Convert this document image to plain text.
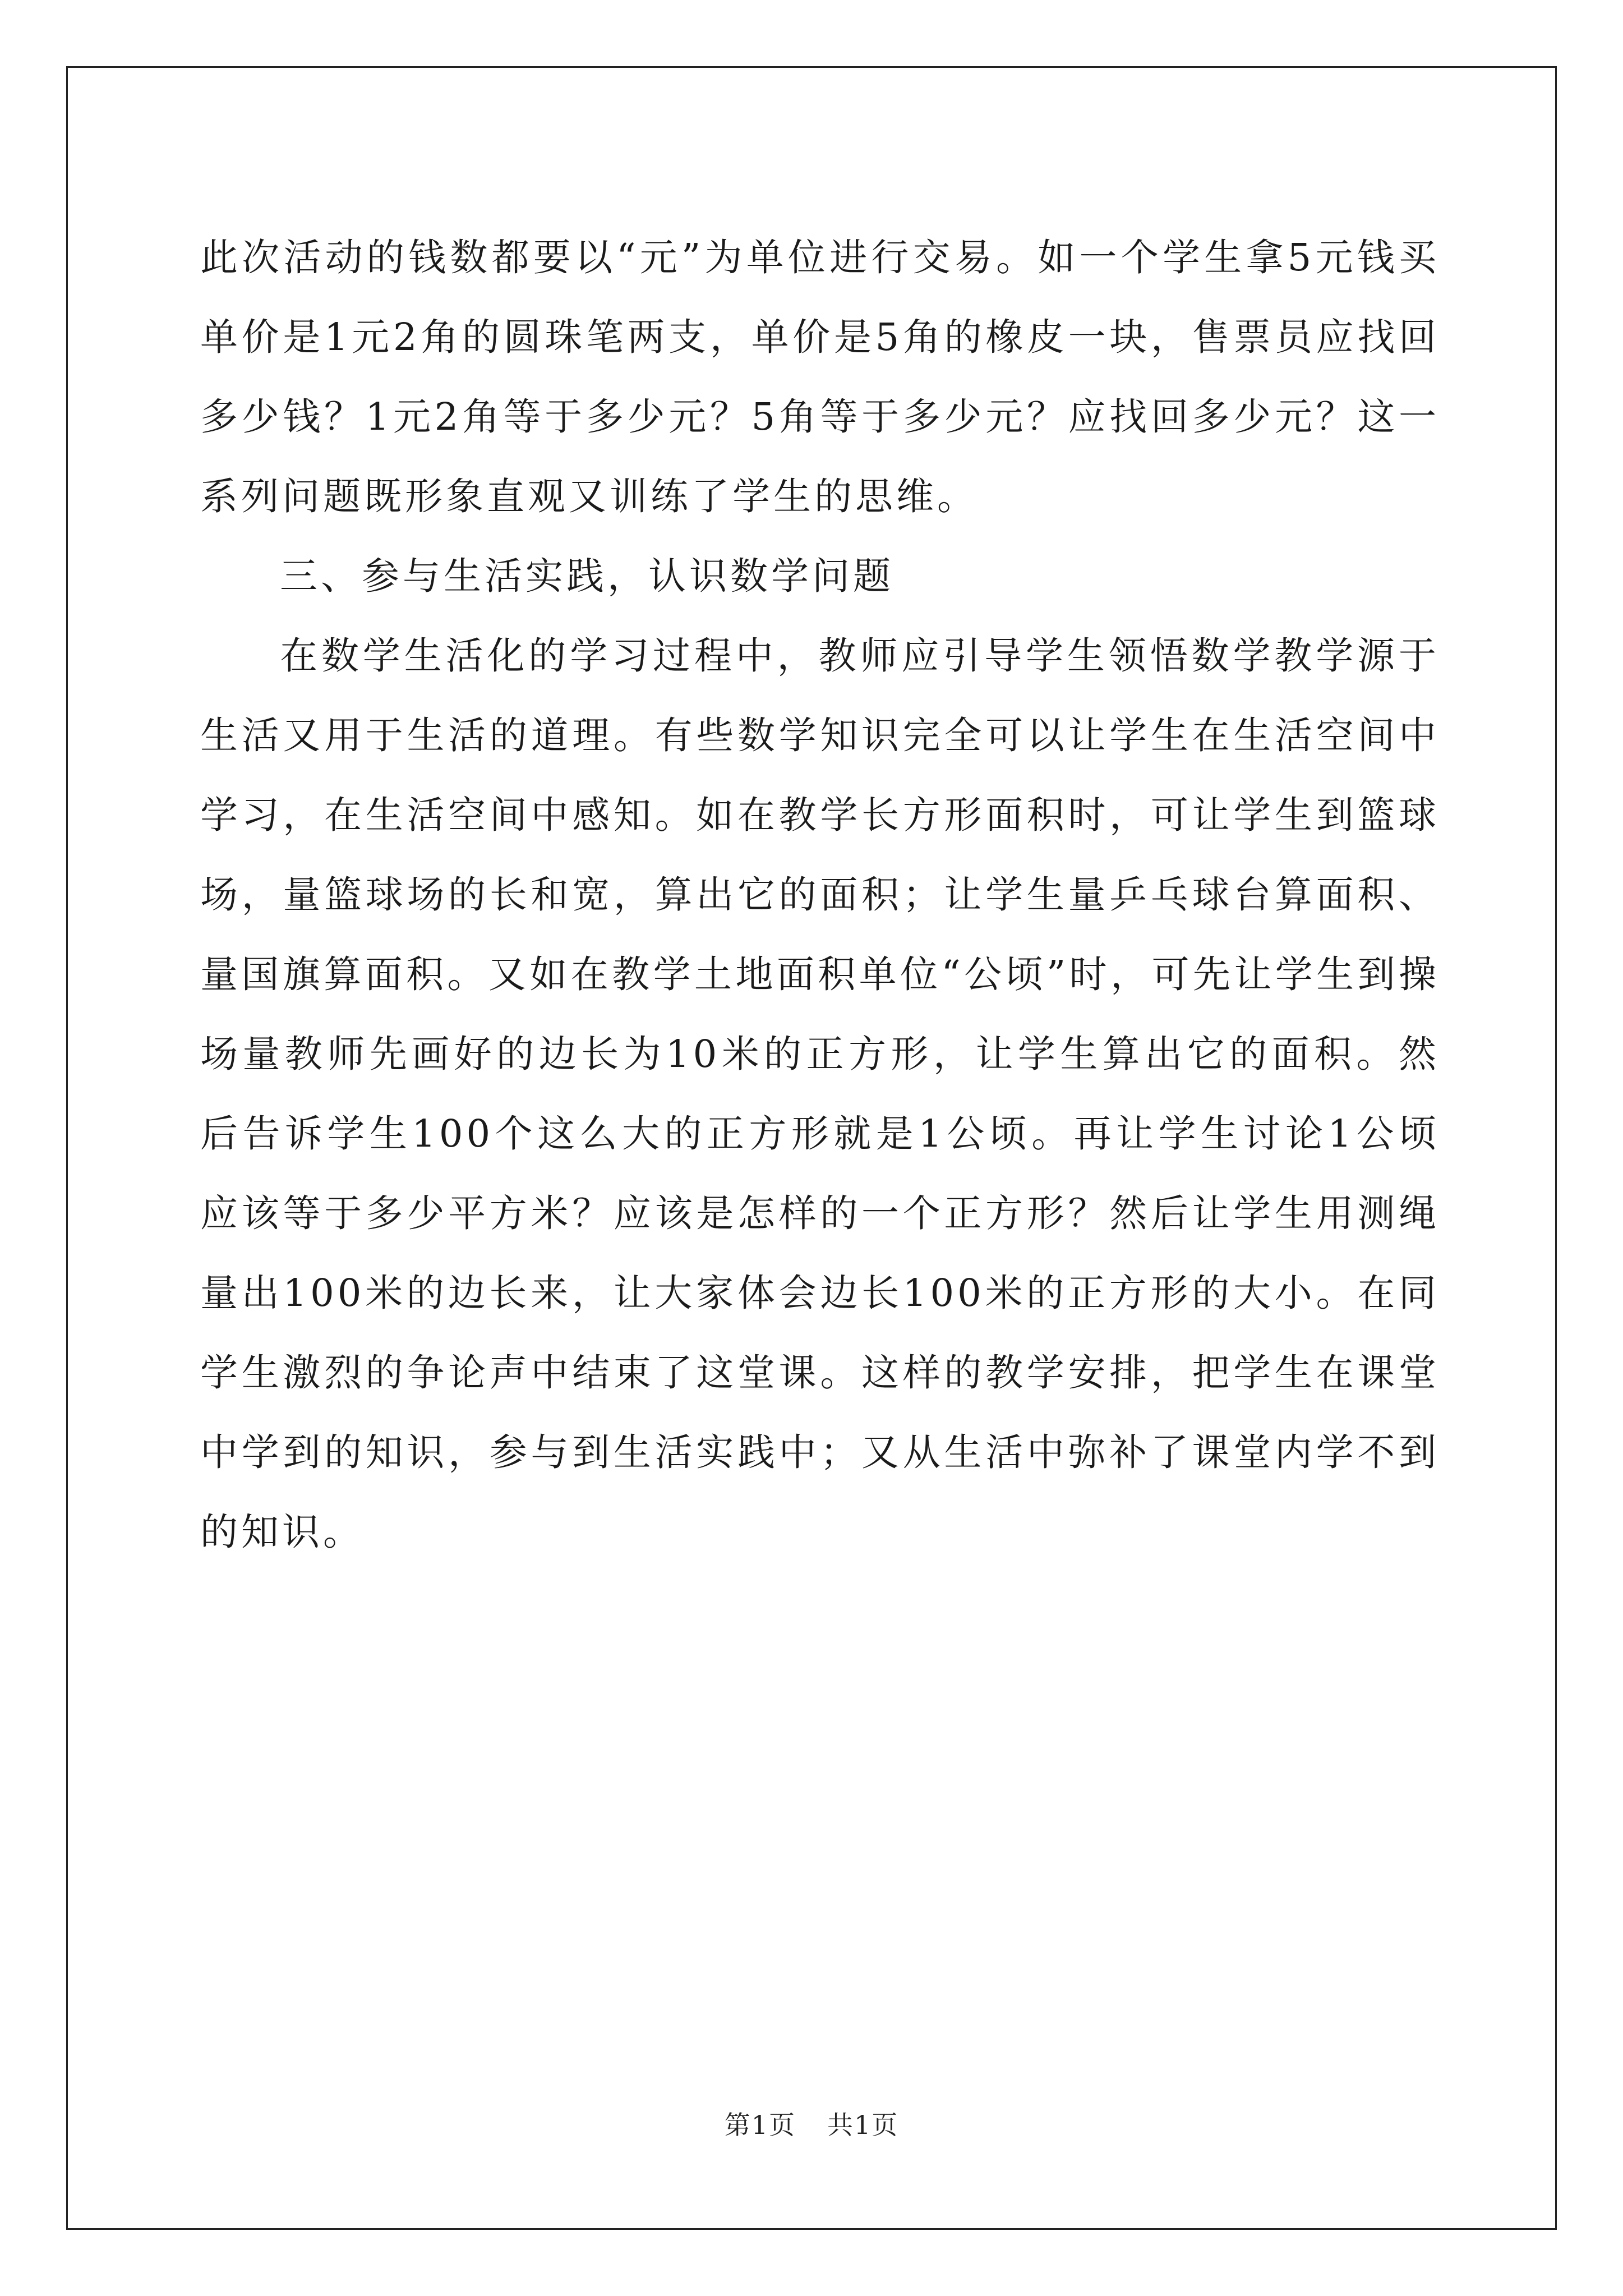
此次活动的钱数都要以“元”为单位进行交易。如一个学生拿5元钱买单价是1元2角的圆珠笔两支，单价是5角的橡皮一块，售票员应找回多少钱？1元2角等于多少元？5角等于多少元？应找回多少元？这一系列问题既形象直观又训练了学生的思维。

三、参与生活实践，认识数学问题

在数学生活化的学习过程中，教师应引导学生领悟数学教学源于生活又用于生活的道理。有些数学知识完全可以让学生在生活空间中学习，在生活空间中感知。如在教学长方形面积时，可让学生到篮球场，量篮球场的长和宽，算出它的面积；让学生量乒乓球台算面积、量国旗算面积。又如在教学土地面积单位“公顷”时，可先让学生到操场量教师先画好的边长为10米的正方形，让学生算出它的面积。然后告诉学生100个这么大的正方形就是1公顷。再让学生讨论1公顷应该等于多少平方米？应该是怎样的一个正方形？然后让学生用测绳量出100米的边长来，让大家体会边长100米的正方形的大小。在同学生激烈的争论声中结束了这堂课。这样的教学安排，把学生在课堂中学到的知识，参与到生活实践中；又从生活中弥补了课堂内学不到的知识。

第1页 共1页
